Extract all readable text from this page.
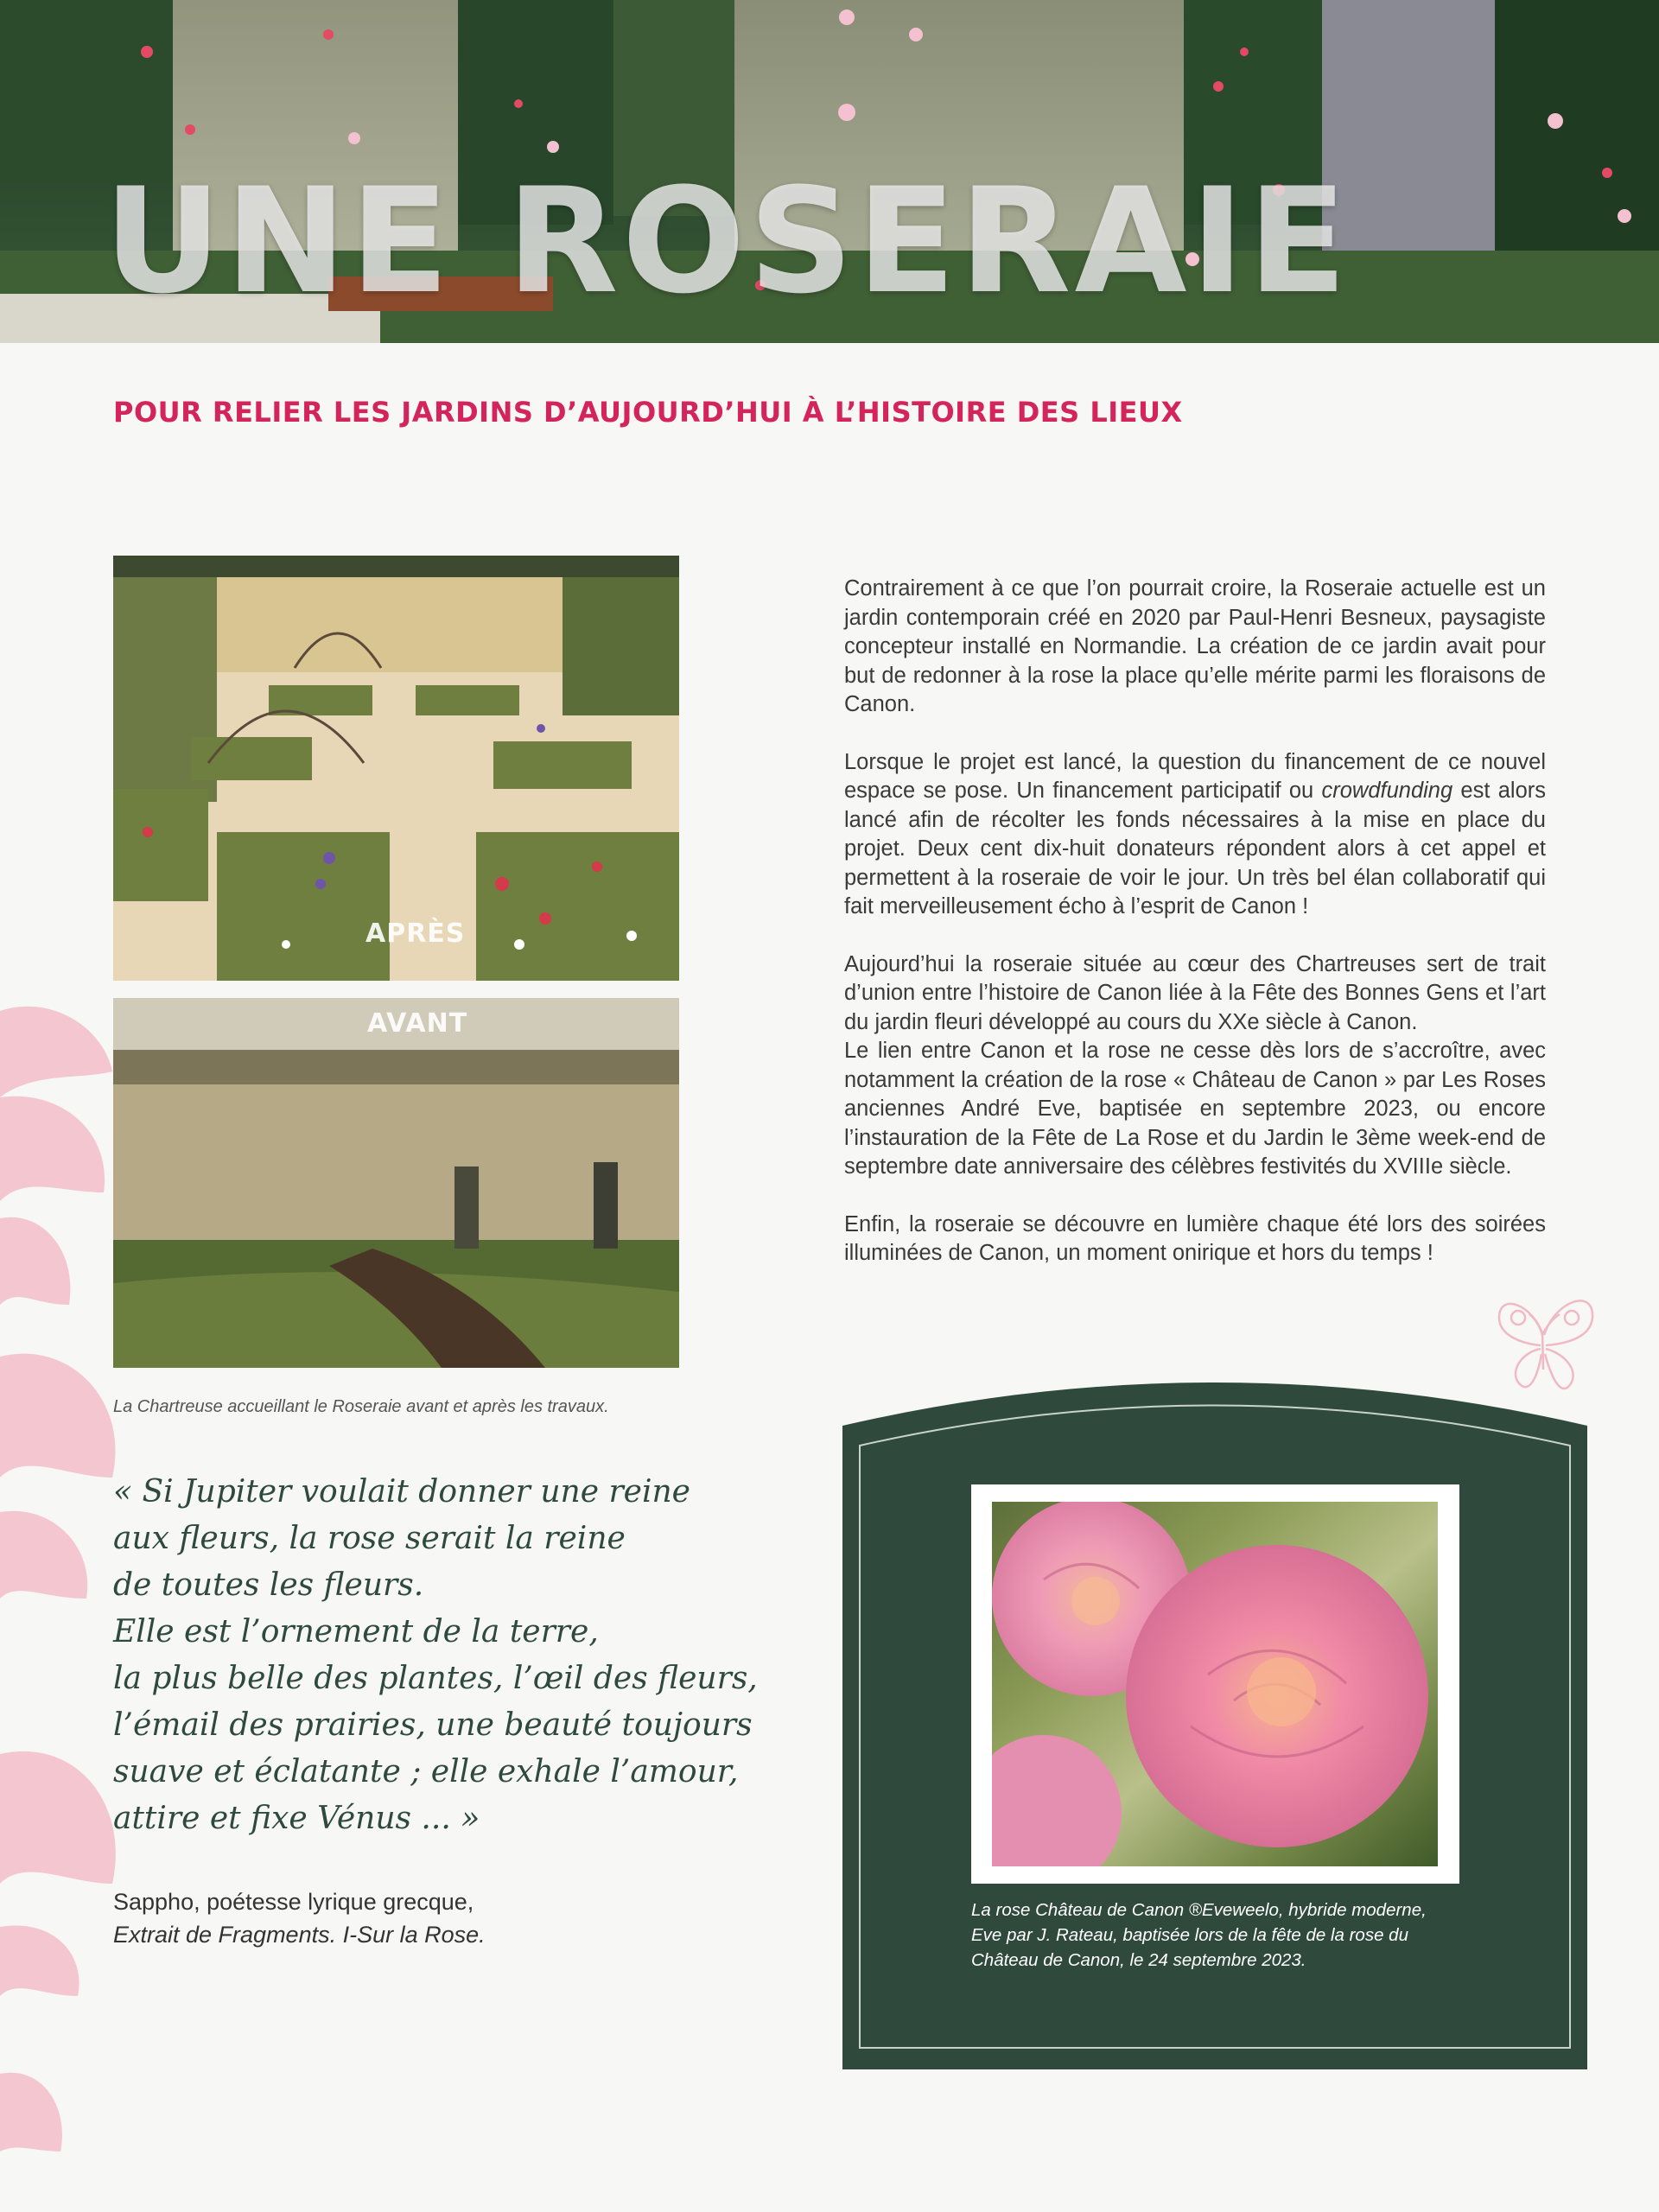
UNE ROSERAIE
POUR RELIER LES JARDINS D’AUJOURD’HUI À L’HISTOIRE DES LIEUX
APRÈS
AVANT
La Chartreuse accueillant le Roseraie avant et après les travaux.
« Si Jupiter voulait donner une reine
aux fleurs, la rose serait la reine
de toutes les fleurs.
Elle est l’ornement de la terre,
la plus belle des plantes, l’œil des fleurs,
l’émail des prairies, une beauté toujours
suave et éclatante ; elle exhale l’amour,
attire et fixe Vénus ... »
Sappho, poétesse lyrique grecque,
Extrait de Fragments. I-Sur la Rose.

Contrairement à ce que l’on pourrait croire, la Roseraie actuelle est un jardin contemporain créé en 2020 par Paul-Henri Besneux, paysagiste concepteur installé en Normandie. La création de ce jardin avait pour but de redonner à la rose la place qu’elle mérite parmi les floraisons de Canon.

Lorsque le projet est lancé, la question du financement de ce nouvel espace se pose. Un financement participatif ou crowdfunding est alors lancé afin de récolter les fonds nécessaires à la mise en place du projet. Deux cent dix-huit donateurs répondent alors à cet appel et permettent à la roseraie de voir le jour. Un très bel élan collaboratif qui fait merveilleusement écho à l’esprit de Canon !

Aujourd’hui la roseraie située au cœur des Chartreuses sert de trait d’union entre l’histoire de Canon liée à la Fête des Bonnes Gens et l’art du jardin fleuri développé au cours du XXe siècle à Canon.

Le lien entre Canon et la rose ne cesse dès lors de s’accroître, avec notamment la création de la rose « Château de Canon » par Les Roses anciennes André Eve, baptisée en septembre 2023, ou encore l’instauration de la Fête de La Rose et du Jardin le 3ème week-end de septembre date anniversaire des célèbres festivités du XVIIIe siècle.

Enfin, la roseraie se découvre en lumière chaque été lors des soirées illuminées de Canon, un moment onirique et hors du temps !

La rose Château de Canon ®Eveweelo, hybride moderne,
Eve par J. Rateau, baptisée lors de la fête de la rose du
Château de Canon, le 24 septembre 2023.
